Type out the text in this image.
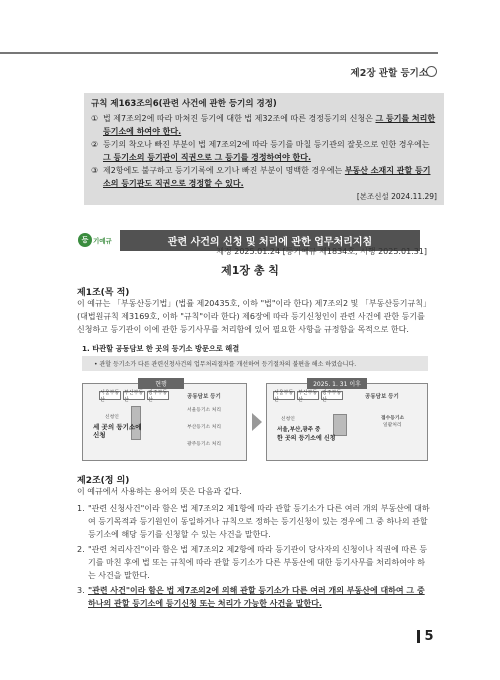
제2장 관할 등기소
규칙 제163조의6(관련 사건에 관한 등기의 경정)
① 법 제7조의2에 따라 마쳐진 등기에 대한 법 제32조에 따른 경정등기의 신청은 그 등기를 처리한 등기소에 하여야 한다.
② 등기의 착오나 빠진 부분이 법 제7조의2에 따라 등기를 마칠 등기관의 잘못으로 인한 경우에는 그 등기소의 등기관이 직권으로 그 등기를 경정하여야 한다.
③ 제2항에도 불구하고 등기기록에 오기나 빠진 부분이 명백한 경우에는 부동산 소재지 관할 등기소의 등기관도 직권으로 경정할 수 있다.
[본조신설 2024.11.29]
등 기예규	관련 사건의 신청 및 처리에 관한 업무처리지침
제정 2025.01.24 [등기예규 제1834호, 시행 2025.01.31]
제1장 총 칙
제1조(목 적)
이 예규는 「부동산등기법」(법률 제20435호, 이하 "법"이라 한다) 제7조의2 및 「부동산등기규칙」(대법원규칙 제3169호, 이하 "규칙"이라 한다) 제6장에 따라 등기신청인이 관련 사건에 관한 등기를 신청하고 등기관이 이에 관한 등기사무를 처리함에 있어 필요한 사항을 규정함을 목적으로 한다.
1. 타관할 공동담보 한 곳의 등기소 방문으로 해결
• 관할 등기소가 다른 관련신청사건의 업무처리절차를 개선하여 등기절차의 불편을 해소 하였습니다.
현행
서울부동산
부산부동산
광주부동산	공동담보 등기
서울등기소 처리
부산등기소 처리
광주등기소 처리
신청인
세 곳의 등기소에
신청
2025. 1. 31 이후
서울부동산
부산부동산
광주부동산	공동담보 등기
신청인
서울,부산,광주 중
한 곳의 등기소에 신청
접수등기소
일괄처리
제2조(정 의)
이 예규에서 사용하는 용어의 뜻은 다음과 같다.
1. "관련 신청사건"이라 함은 법 제7조의2 제1항에 따라 관할 등기소가 다른 여러 개의 부동산에 대하여 등기목적과 등기원인이 동일하거나 규칙으로 정하는 등기신청이 있는 경우에 그 중 하나의 관할 등기소에 해당 등기를 신청할 수 있는 사건을 말한다.
2. "관련 처리사건"이라 함은 법 제7조의2 제2항에 따라 등기관이 당사자의 신청이나 직권에 따른 등기를 마친 후에 법 또는 규칙에 따라 관할 등기소가 다른 부동산에 대한 등기사무를 처리하여야 하는 사건을 말한다.
3. "관련 사건"이라 함은 법 제7조의2에 의해 관할 등기소가 다른 여러 개의 부동산에 대하여 그 중 하나의 관할 등기소에 등기신청 또는 처리가 가능한 사건을 말한다.
5
